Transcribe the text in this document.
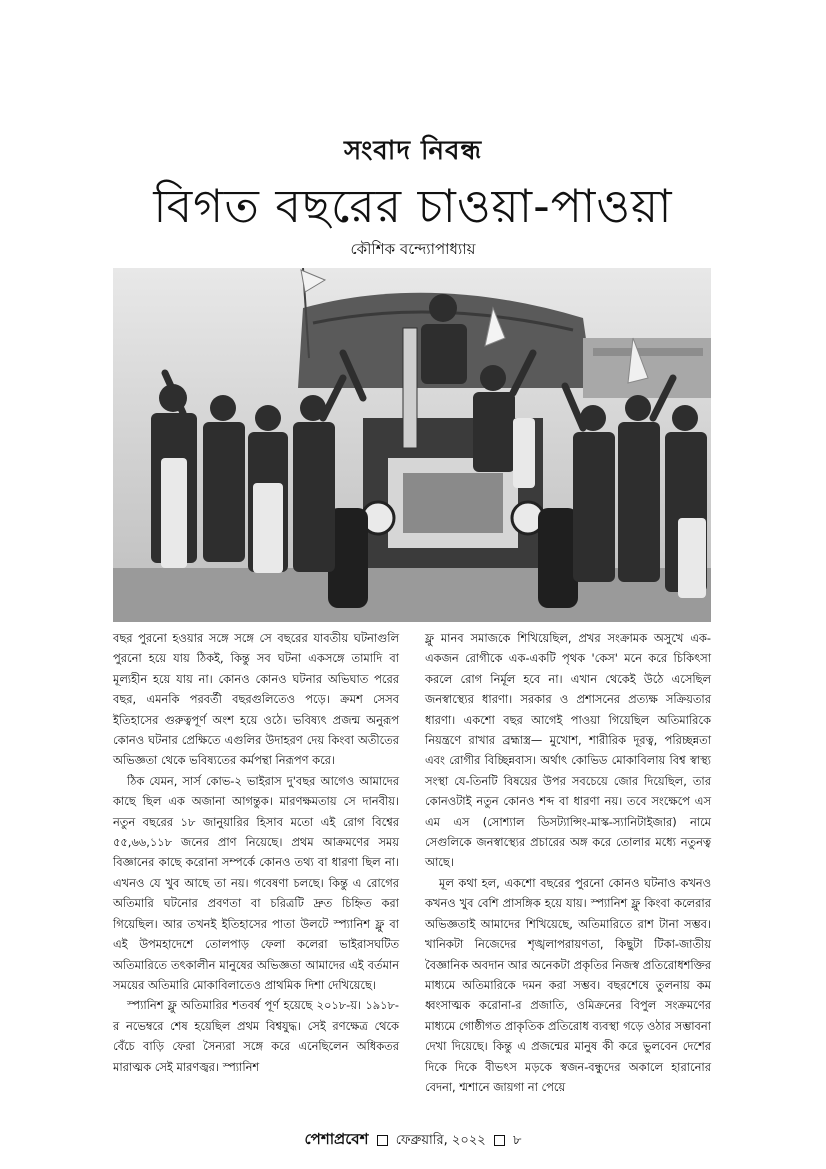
সংবাদ নিবন্ধ
বিগত বছরের চাওয়া-পাওয়া
কৌশিক বন্দ্যোপাধ্যায়

বছর পুরনো হওয়ার সঙ্গে সঙ্গে সে বছরের যাবতীয় ঘটনাগুলি পুরনো হয়ে যায় ঠিকই, কিন্তু সব ঘটনা একসঙ্গে তামাদি বা মূল্যহীন হয়ে যায় না। কোনও কোনও ঘটনার অভিঘাত পরের বছর, এমনকি পরবর্তী বছরগুলিতেও পড়ে। ক্রমশ সেসব ইতিহাসের গুরুত্বপূর্ণ অংশ হয়ে ওঠে। ভবিষ্যৎ প্রজন্ম অনুরূপ কোনও ঘটনার প্রেক্ষিতে এগুলির উদাহরণ দেয় কিংবা অতীতের অভিজ্ঞতা থেকে ভবিষ্যতের কর্মপন্থা নিরূপণ করে।

ঠিক যেমন, সার্স কোভ-২ ভাইরাস দু'বছর আগেও আমাদের কাছে ছিল এক অজানা আগন্তুক। মারণক্ষমতায় সে দানবীয়। নতুন বছরের ১৮ জানুয়ারির হিসাব মতো এই রোগ বিশ্বের ৫৫,৬৬,১১৮ জনের প্রাণ নিয়েছে। প্রথম আক্রমণের সময় বিজ্ঞানের কাছে করোনা সম্পর্কে কোনও তথ্য বা ধারণা ছিল না। এখনও যে খুব আছে তা নয়। গবেষণা চলছে। কিন্তু এ রোগের অতিমারি ঘটনোর প্রবণতা বা চরিত্রটি দ্রুত চিহ্নিত করা গিয়েছিল। আর তখনই ইতিহাসের পাতা উলটে স্প্যানিশ ফ্লু বা এই উপমহাদেশে তোলপাড় ফেলা কলেরা ভাইরাসঘটিত অতিমারিতে তৎকালীন মানুষের অভিজ্ঞতা আমাদের এই বর্তমান সময়ের অতিমারি মোকাবিলাতেও প্রাথমিক দিশা দেখিয়েছে।

স্প্যানিশ ফ্লু অতিমারির শতবর্ষ পূর্ণ হয়েছে ২০১৮-য়। ১৯১৮-র নভেম্বরে শেষ হয়েছিল প্রথম বিশ্বযুদ্ধ। সেই রণক্ষেত্র থেকে বেঁচে বাড়ি ফেরা সৈন্যরা সঙ্গে করে এনেছিলেন অধিকতর মারাত্মক সেই মারণজ্বর। স্প্যানিশ

ফ্লু মানব সমাজকে শিখিয়েছিল, প্রখর সংক্রামক অসুখে এক-একজন রোগীকে এক-একটি পৃথক 'কেস' মনে করে চিকিৎসা করলে রোগ নির্মূল হবে না। এখান থেকেই উঠে এসেছিল জনস্বাস্থ্যের ধারণা। সরকার ও প্রশাসনের প্রত্যক্ষ সক্রিয়তার ধারণা। একশো বছর আগেই পাওয়া গিয়েছিল অতিমারিকে নিয়ন্ত্রণে রাখার ব্রহ্মাস্ত্র— মুখোশ, শারীরিক দূরত্ব, পরিচ্ছন্নতা এবং রোগীর বিচ্ছিন্নবাস। অর্থাৎ কোভিড মোকাবিলায় বিশ্ব স্বাস্থ্য সংস্থা যে-তিনটি বিষয়ের উপর সবচেয়ে জোর দিয়েছিল, তার কোনওটাই নতুন কোনও শব্দ বা ধারণা নয়। তবে সংক্ষেপে এস এম এস (সোশ্যাল ডিসট্যান্সিং-মাস্ক-স্যানিটাইজার) নামে সেগুলিকে জনস্বাস্থ্যের প্রচারের অঙ্গ করে তোলার মধ্যে নতুনত্ব আছে।

মূল কথা হল, একশো বছরের পুরনো কোনও ঘটনাও কখনও কখনও খুব বেশি প্রাসঙ্গিক হয়ে যায়। স্প্যানিশ ফ্লু কিংবা কলেরার অভিজ্ঞতাই আমাদের শিখিয়েছে, অতিমারিতে রাশ টানা সম্ভব। খানিকটা নিজেদের শৃঙ্খলাপরায়ণতা, কিছুটা টিকা-জাতীয় বৈজ্ঞানিক অবদান আর অনেকটা প্রকৃতির নিজস্ব প্রতিরোধশক্তির মাধ্যমে অতিমারিকে দমন করা সম্ভব। বছরশেষে তুলনায় কম ধ্বংসাত্মক করোনা-র প্রজাতি, ওমিক্রনের বিপুল সংক্রমণের মাধ্যমে গোষ্ঠীগত প্রাকৃতিক প্রতিরোধ ব্যবস্থা গড়ে ওঠার সম্ভাবনা দেখা দিয়েছে। কিন্তু এ প্রজন্মের মানুষ কী করে ভুলবেন দেশের দিকে দিকে বীভৎস মড়কে স্বজন-বন্ধুদের অকালে হারানোর বেদনা, শ্মশানে জায়গা না পেয়ে

পেশাপ্রবেশ ফেব্রুয়ারি, ২০২২ ৮
